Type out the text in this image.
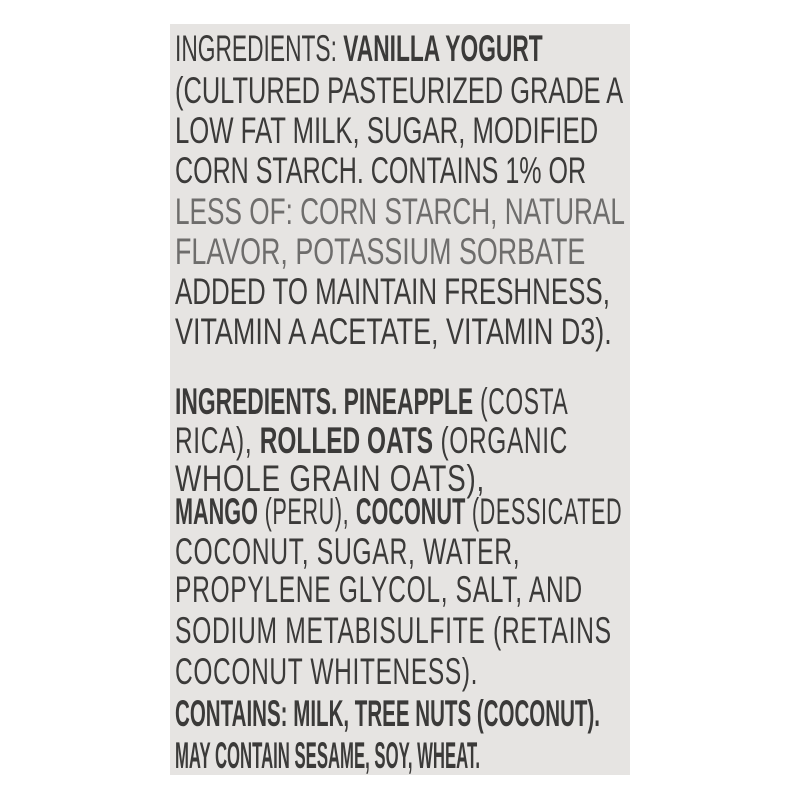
INGREDIENTS: VANILLA YOGURT
(CULTURED PASTEURIZED GRADE A
LOW FAT MILK, SUGAR, MODIFIED
CORN STARCH. CONTAINS 1% OR
LESS OF: CORN STARCH, NATURAL
FLAVOR, POTASSIUM SORBATE
ADDED TO MAINTAIN FRESHNESS,
VITAMIN A ACETATE, VITAMIN D3).
INGREDIENTS. PINEAPPLE (COSTA
RICA), ROLLED OATS (ORGANIC
WHOLE GRAIN OATS),
MANGO (PERU), COCONUT (DESSICATED
COCONUT, SUGAR, WATER,
PROPYLENE GLYCOL, SALT, AND
SODIUM METABISULFITE (RETAINS
COCONUT WHITENESS).
CONTAINS: MILK, TREE NUTS (COCONUT).
MAY CONTAIN SESAME, SOY, WHEAT.
